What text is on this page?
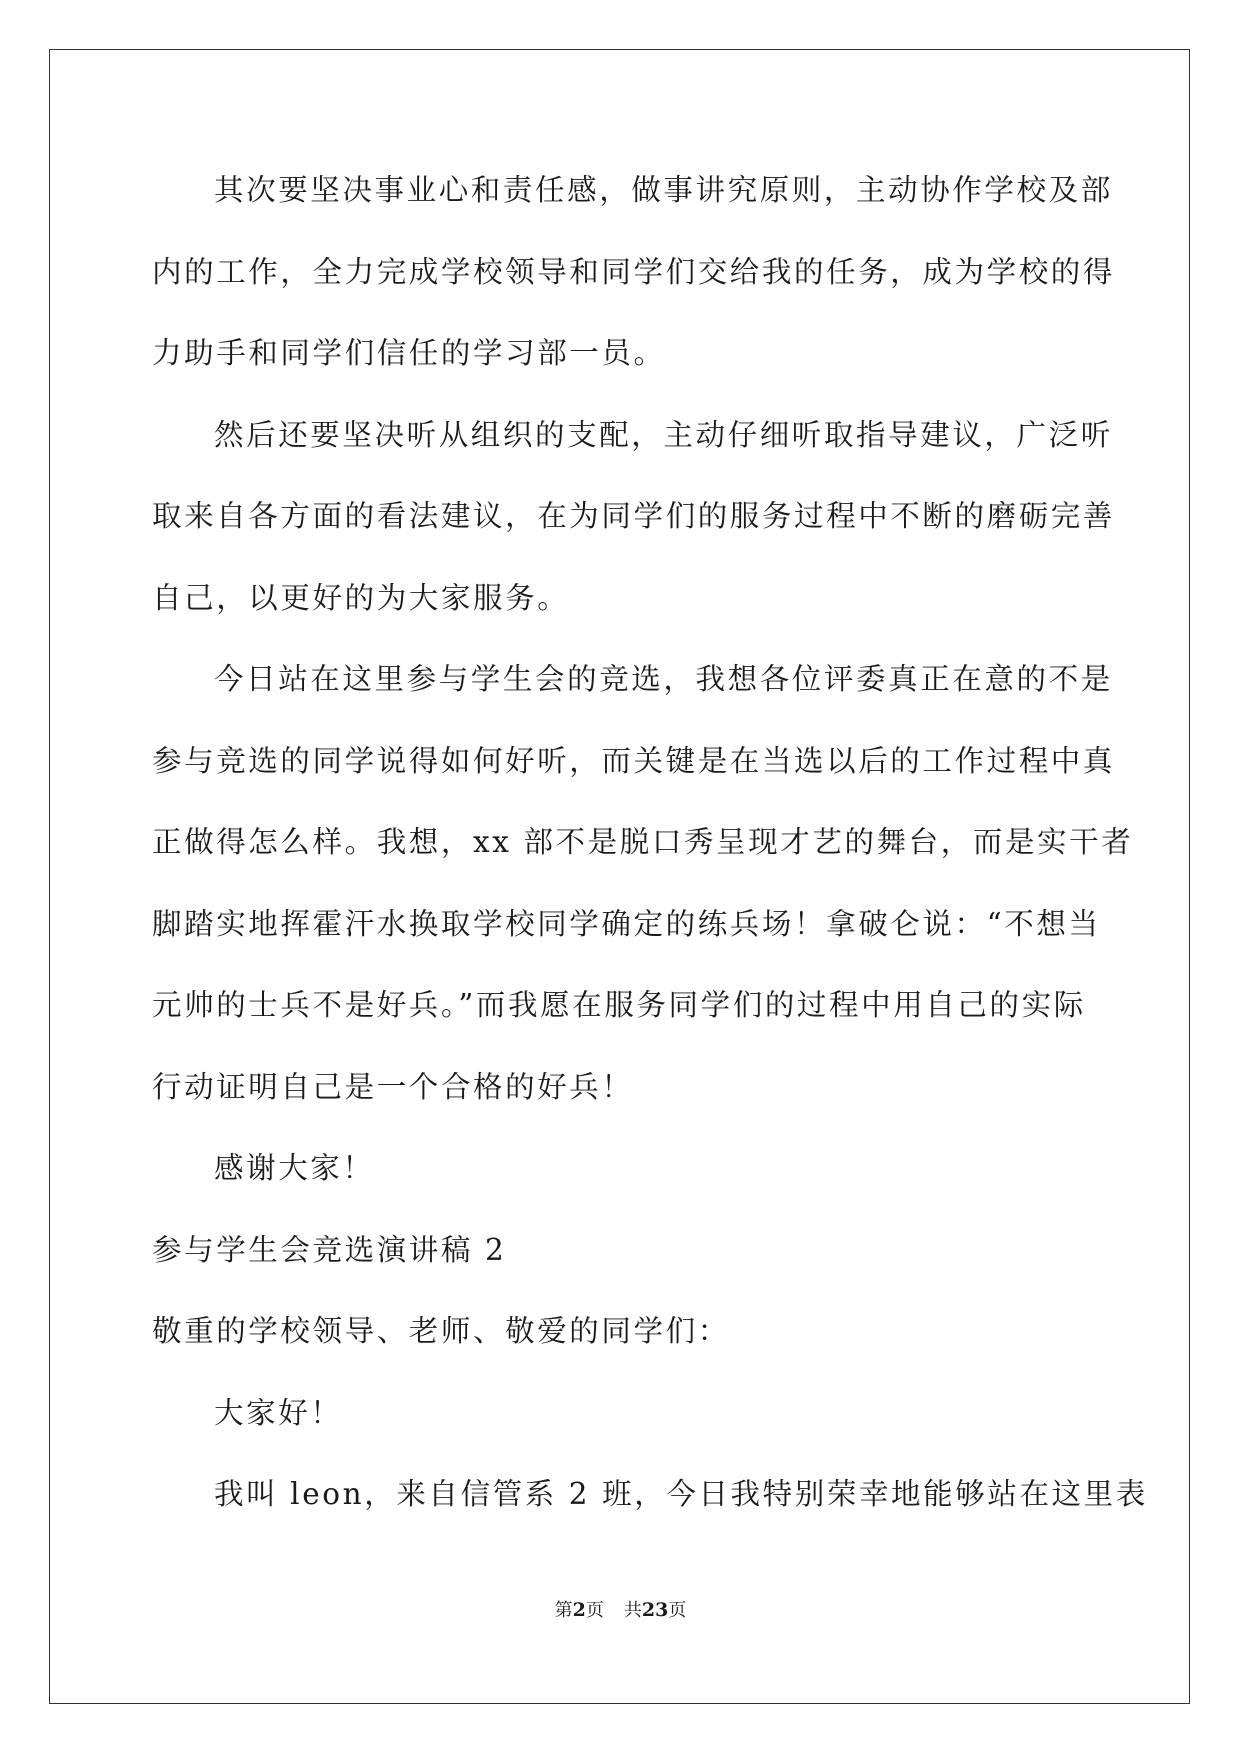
其次要坚决事业心和责任感，做事讲究原则，主动协作学校及部
内的工作，全力完成学校领导和同学们交给我的任务，成为学校的得
力助手和同学们信任的学习部一员。
然后还要坚决听从组织的支配，主动仔细听取指导建议，广泛听
取来自各方面的看法建议，在为同学们的服务过程中不断的磨砺完善
自己，以更好的为大家服务。
今日站在这里参与学生会的竞选，我想各位评委真正在意的不是
参与竞选的同学说得如何好听，而关键是在当选以后的工作过程中真
正做得怎么样。我想，xx 部不是脱口秀呈现才艺的舞台，而是实干者
脚踏实地挥霍汗水换取学校同学确定的练兵场！拿破仑说：“不想当
元帅的士兵不是好兵。”而我愿在服务同学们的过程中用自己的实际
行动证明自己是一个合格的好兵！
感谢大家！
参与学生会竞选演讲稿 2
敬重的学校领导、老师、敬爱的同学们：
大家好！
我叫 leon，来自信管系 2 班，今日我特别荣幸地能够站在这里表
第2页 共23页
